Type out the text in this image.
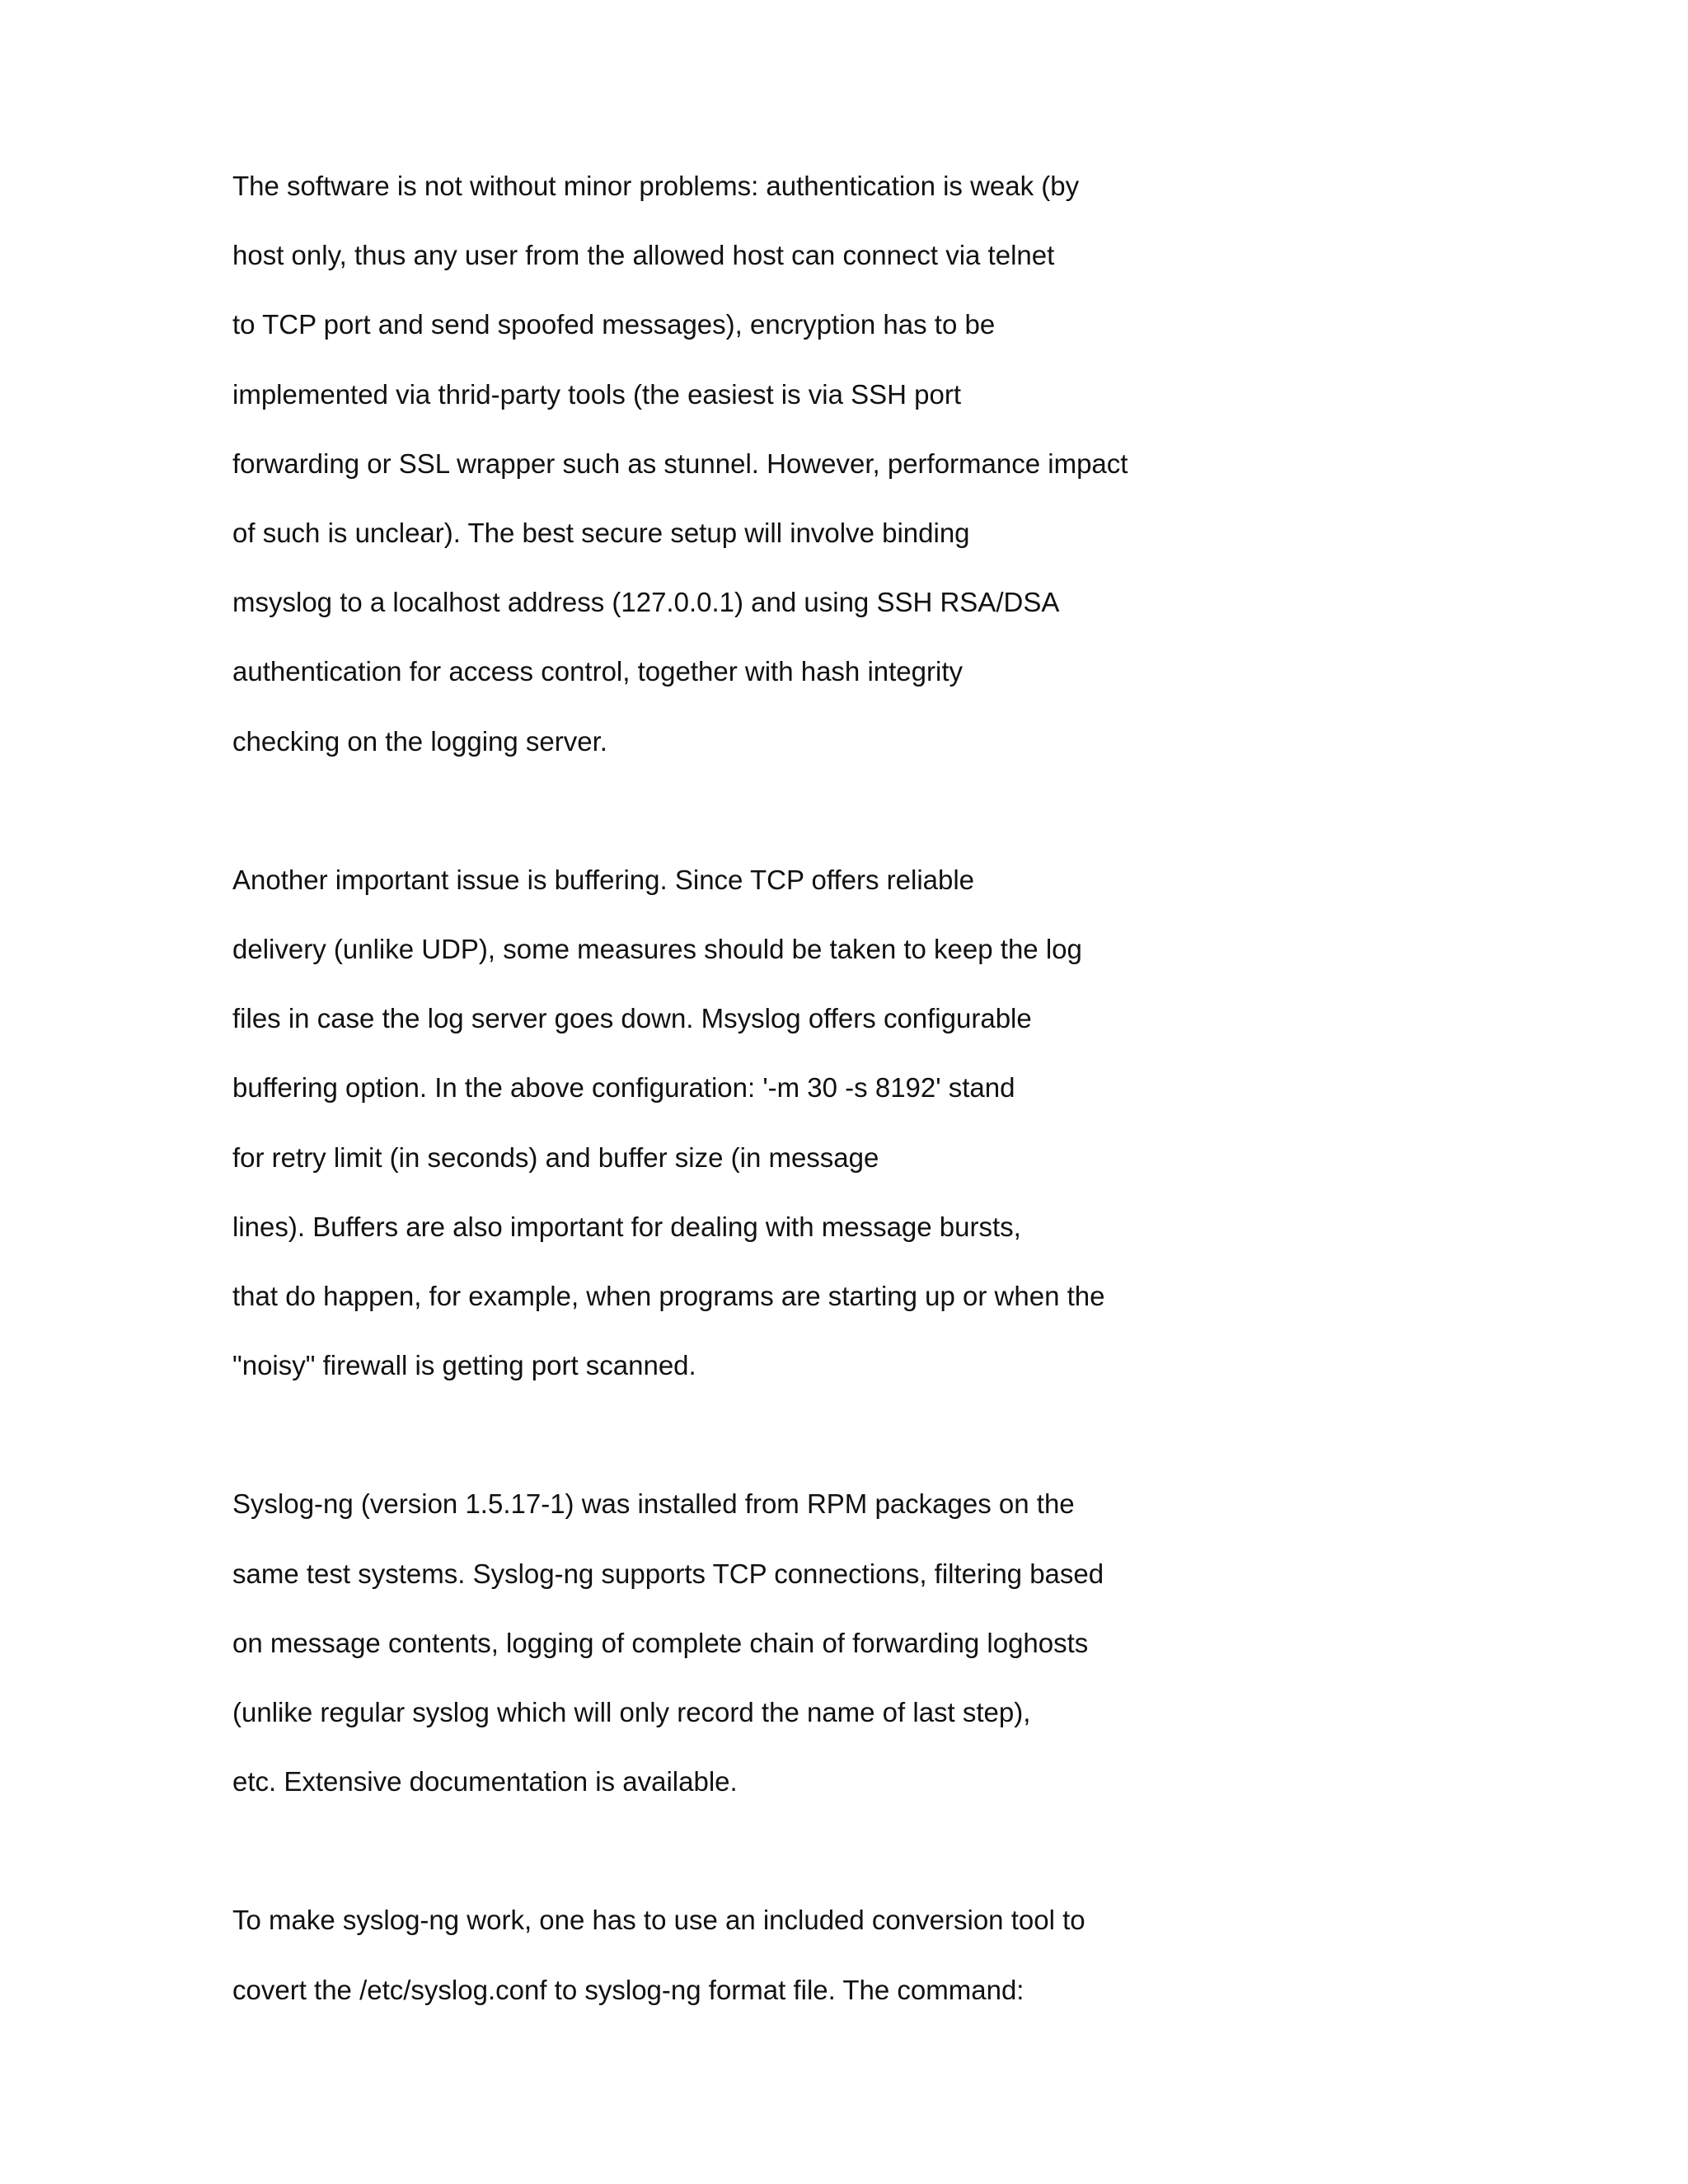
The software is not without minor problems: authentication is weak (by
host only, thus any user from the allowed host can connect via telnet
to TCP port and send spoofed messages), encryption has to be
implemented via thrid-party tools (the easiest is via SSH port
forwarding or SSL wrapper such as stunnel. However, performance impact
of such is unclear). The best secure setup will involve binding
msyslog to a localhost address (127.0.0.1) and using SSH RSA/DSA
authentication for access control, together with hash integrity
checking on the logging server.

Another important issue is buffering. Since TCP offers reliable
delivery (unlike UDP), some measures should be taken to keep the log
files in case the log server goes down. Msyslog offers configurable
buffering option. In the above configuration: '-m 30 -s 8192' stand
for retry limit (in seconds) and buffer size (in message
lines). Buffers are also important for dealing with message bursts,
that do happen, for example, when programs are starting up or when the
"noisy" firewall is getting port scanned.

Syslog-ng (version 1.5.17-1) was installed from RPM packages on the
same test systems. Syslog-ng supports TCP connections, filtering based
on message contents, logging of complete chain of forwarding loghosts
(unlike regular syslog which will only record the name of last step),
etc. Extensive documentation is available.

To make syslog-ng work, one has to use an included conversion tool to
covert the /etc/syslog.conf to syslog-ng format file. The command:
